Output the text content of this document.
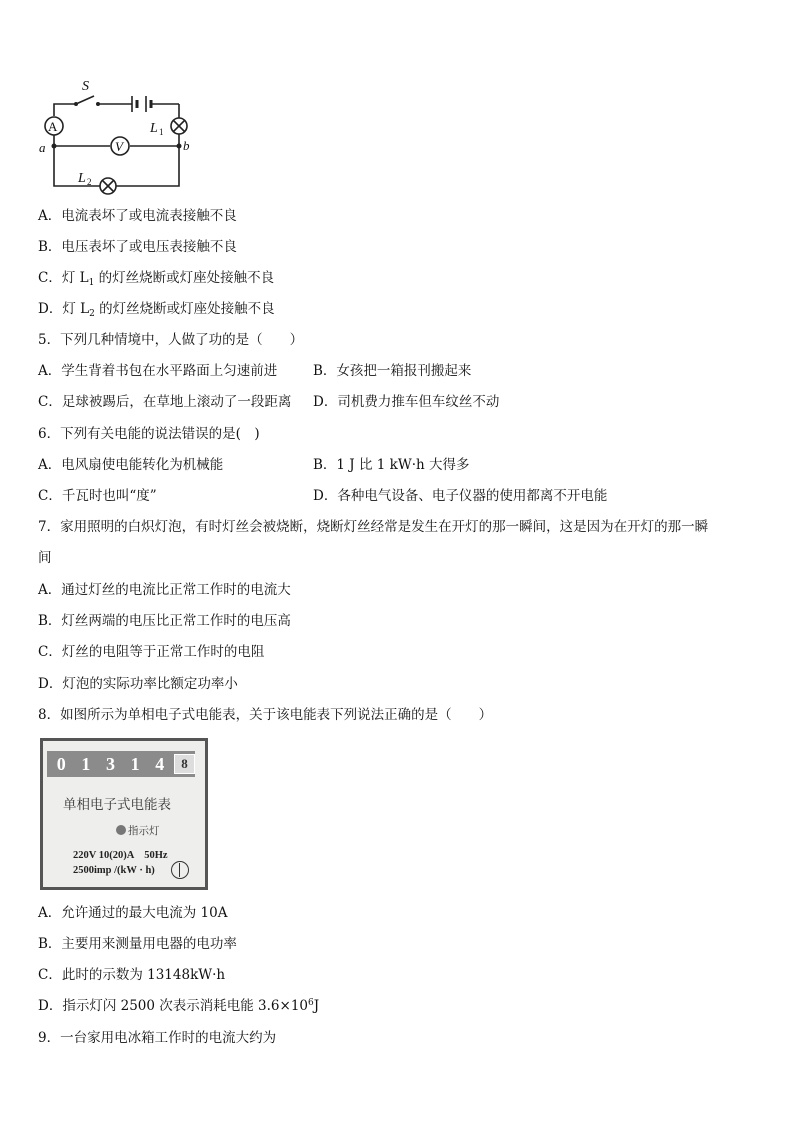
S
A
V
L 1
L 2
a	b
A．电流表坏了或电流表接触不良
B．电压表坏了或电压表接触不良
C．灯 $L_1$ 的灯丝烧断或灯座处接触不良
D．灯 $L_2$ 的灯丝烧断或灯座处接触不良
5．下列几种情境中，人做了功的是（　　）
A．学生背着书包在水平路面上匀速前进	B．女孩把一箱报刊搬起来
C．足球被踢后，在草地上滚动了一段距离 D．司机费力推车但车纹丝不动
6．下列有关电能的说法错误的是(　)
A．电风扇使电能转化为机械能	B．1 J 比 1 kW·h 大得多
C．千瓦时也叫“度”	D．各种电气设备、电子仪器的使用都离不开电能
7．家用照明的白炽灯泡，有时灯丝会被烧断，烧断灯丝经常是发生在开灯的那一瞬间，这是因为在开灯的那一瞬
间
A．通过灯丝的电流比正常工作时的电流大
B．灯丝两端的电压比正常工作时的电压高
C．灯丝的电阻等于正常工作时的电阻
D．灯泡的实际功率比额定功率小
8．如图所示为单相电子式电能表，关于该电能表下列说法正确的是（　　）
0 1 3 1 4	8
单相电子式电能表
指示灯
220V 10(20)A　50Hz
2500imp /(kW · h)
A．允许通过的最大电流为 10A
B．主要用来测量用电器的电功率
C．此时的示数为 13148kW·h
D．指示灯闪 2500 次表示消耗电能 $3.6\times 10^6J$
9．一台家用电冰箱工作时的电流大约为
